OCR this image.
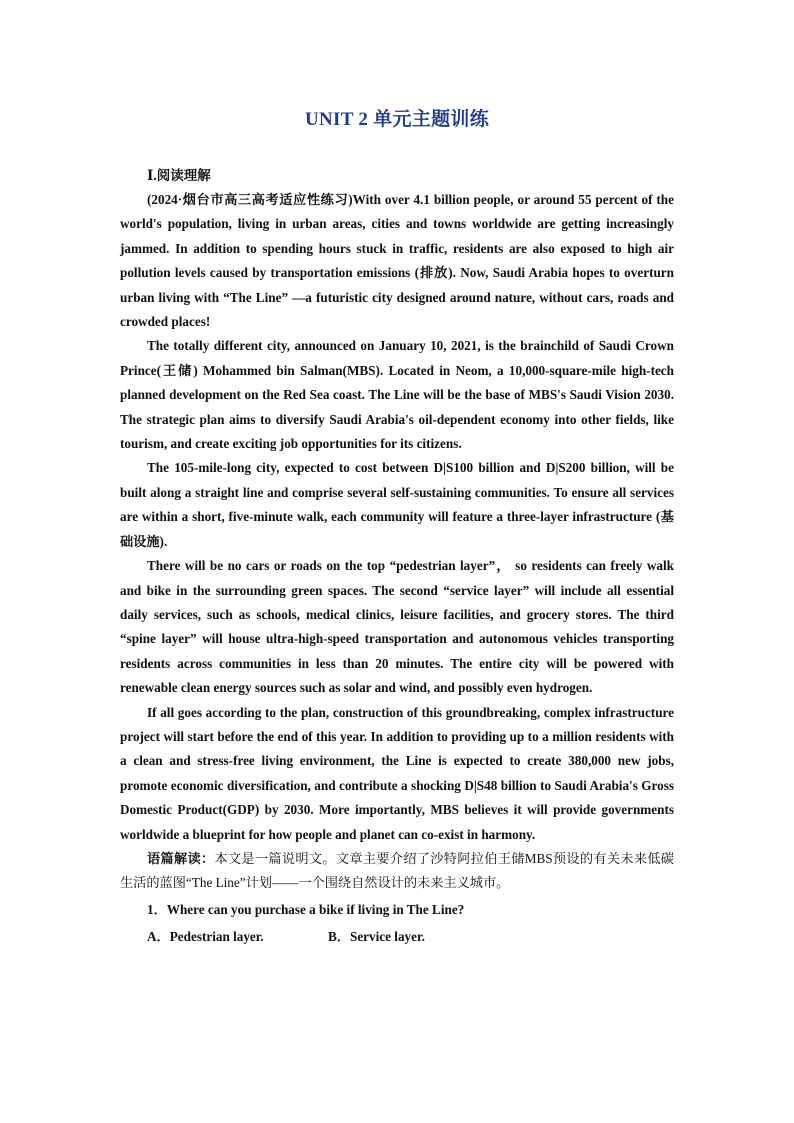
UNIT 2 单元主题训练
Ⅰ.阅读理解

(2024·烟台市高三高考适应性练习)With over 4.1 billion people, or around 55 percent of the world's population, living in urban areas, cities and towns worldwide are getting increasingly jammed. In addition to spending hours stuck in traffic, residents are also exposed to high air pollution levels caused by transportation emissions (排放). Now, Saudi Arabia hopes to overturn urban living with “The Line” —a futuristic city designed around nature, without cars, roads and crowded places!

The totally different city, announced on January 10, 2021, is the brainchild of Saudi Crown Prince(王储) Mohammed bin Salman(MBS). Located in Neom, a 10,000-square-mile high-tech planned development on the Red Sea coast. The Line will be the base of MBS's Saudi Vision 2030. The strategic plan aims to diversify Saudi Arabia's oil-dependent economy into other fields, like tourism, and create exciting job opportunities for its citizens.

The 105-mile-long city, expected to cost between D|S100 billion and D|S200 billion, will be built along a straight line and comprise several self-sustaining communities. To ensure all services are within a short, five-minute walk, each community will feature a three-layer infrastructure (基础设施).

There will be no cars or roads on the top “pedestrian layer”， so residents can freely walk and bike in the surrounding green spaces. The second “service layer” will include all essential daily services, such as schools, medical clinics, leisure facilities, and grocery stores. The third “spine layer” will house ultra-high-speed transportation and autonomous vehicles transporting residents across communities in less than 20 minutes. The entire city will be powered with renewable clean energy sources such as solar and wind, and possibly even hydrogen.

If all goes according to the plan, construction of this groundbreaking, complex infrastructure project will start before the end of this year. In addition to providing up to a million residents with a clean and stress-free living environment, the Line is expected to create 380,000 new jobs, promote economic diversification, and contribute a shocking D|S48 billion to Saudi Arabia's Gross Domestic Product(GDP) by 2030. More importantly, MBS believes it will provide governments worldwide a blueprint for how people and planet can co-exist in harmony.

语篇解读：本文是一篇说明文。文章主要介绍了沙特阿拉伯王储MBS预设的有关未来低碳生活的蓝图“The Line”计划——一个围绕自然设计的未来主义城市。

1．Where can you purchase a bike if living in The Line?
A．Pedestrian layer.	B．Service layer.
